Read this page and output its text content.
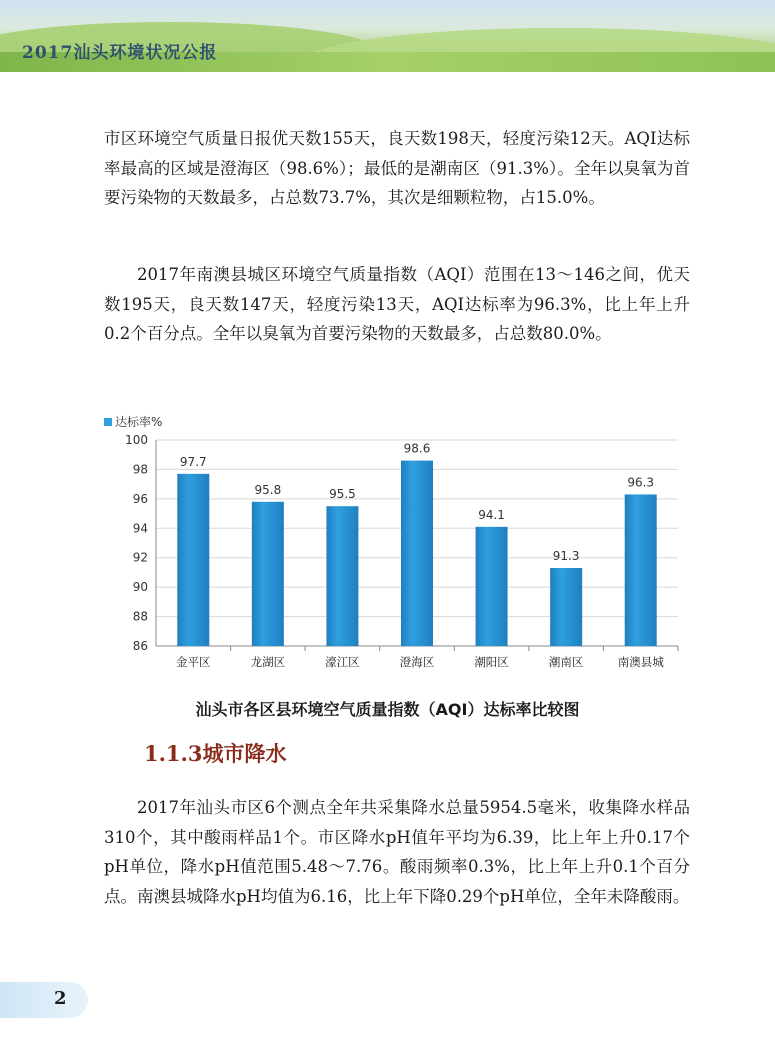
2017汕头环境状况公报

市区环境空气质量日报优天数155天，良天数198天，轻度污染12天。AQI达标率最高的区域是澄海区（98.6%）；最低的是潮南区（91.3%）。全年以臭氧为首要污染物的天数最多，占总数73.7%，其次是细颗粒物，占15.0%。

2017年南澳县城区环境空气质量指数（AQI）范围在13～146之间，优天数195天，良天数147天，轻度污染13天，AQI达标率为96.3%，比上年上升0.2个百分点。全年以臭氧为首要污染物的天数最多，占总数80.0%。

86
88
90
92
94
96
98
100
达标率%
97.7
金平区
95.8
龙湖区
95.5
濠江区
98.6
澄海区
94.1
潮阳区
91.3
潮南区
96.3
南澳县城
汕头市各区县环境空气质量指数（AQI）达标率比较图
1.1.3城市降水

2017年汕头市区6个测点全年共采集降水总量5954.5毫米，收集降水样品310个，其中酸雨样品1个。市区降水pH值年平均为6.39，比上年上升0.17个pH单位，降水pH值范围5.48～7.76。酸雨频率0.3%，比上年上升0.1个百分点。南澳县城降水pH均值为6.16，比上年下降0.29个pH单位，全年未降酸雨。

2
